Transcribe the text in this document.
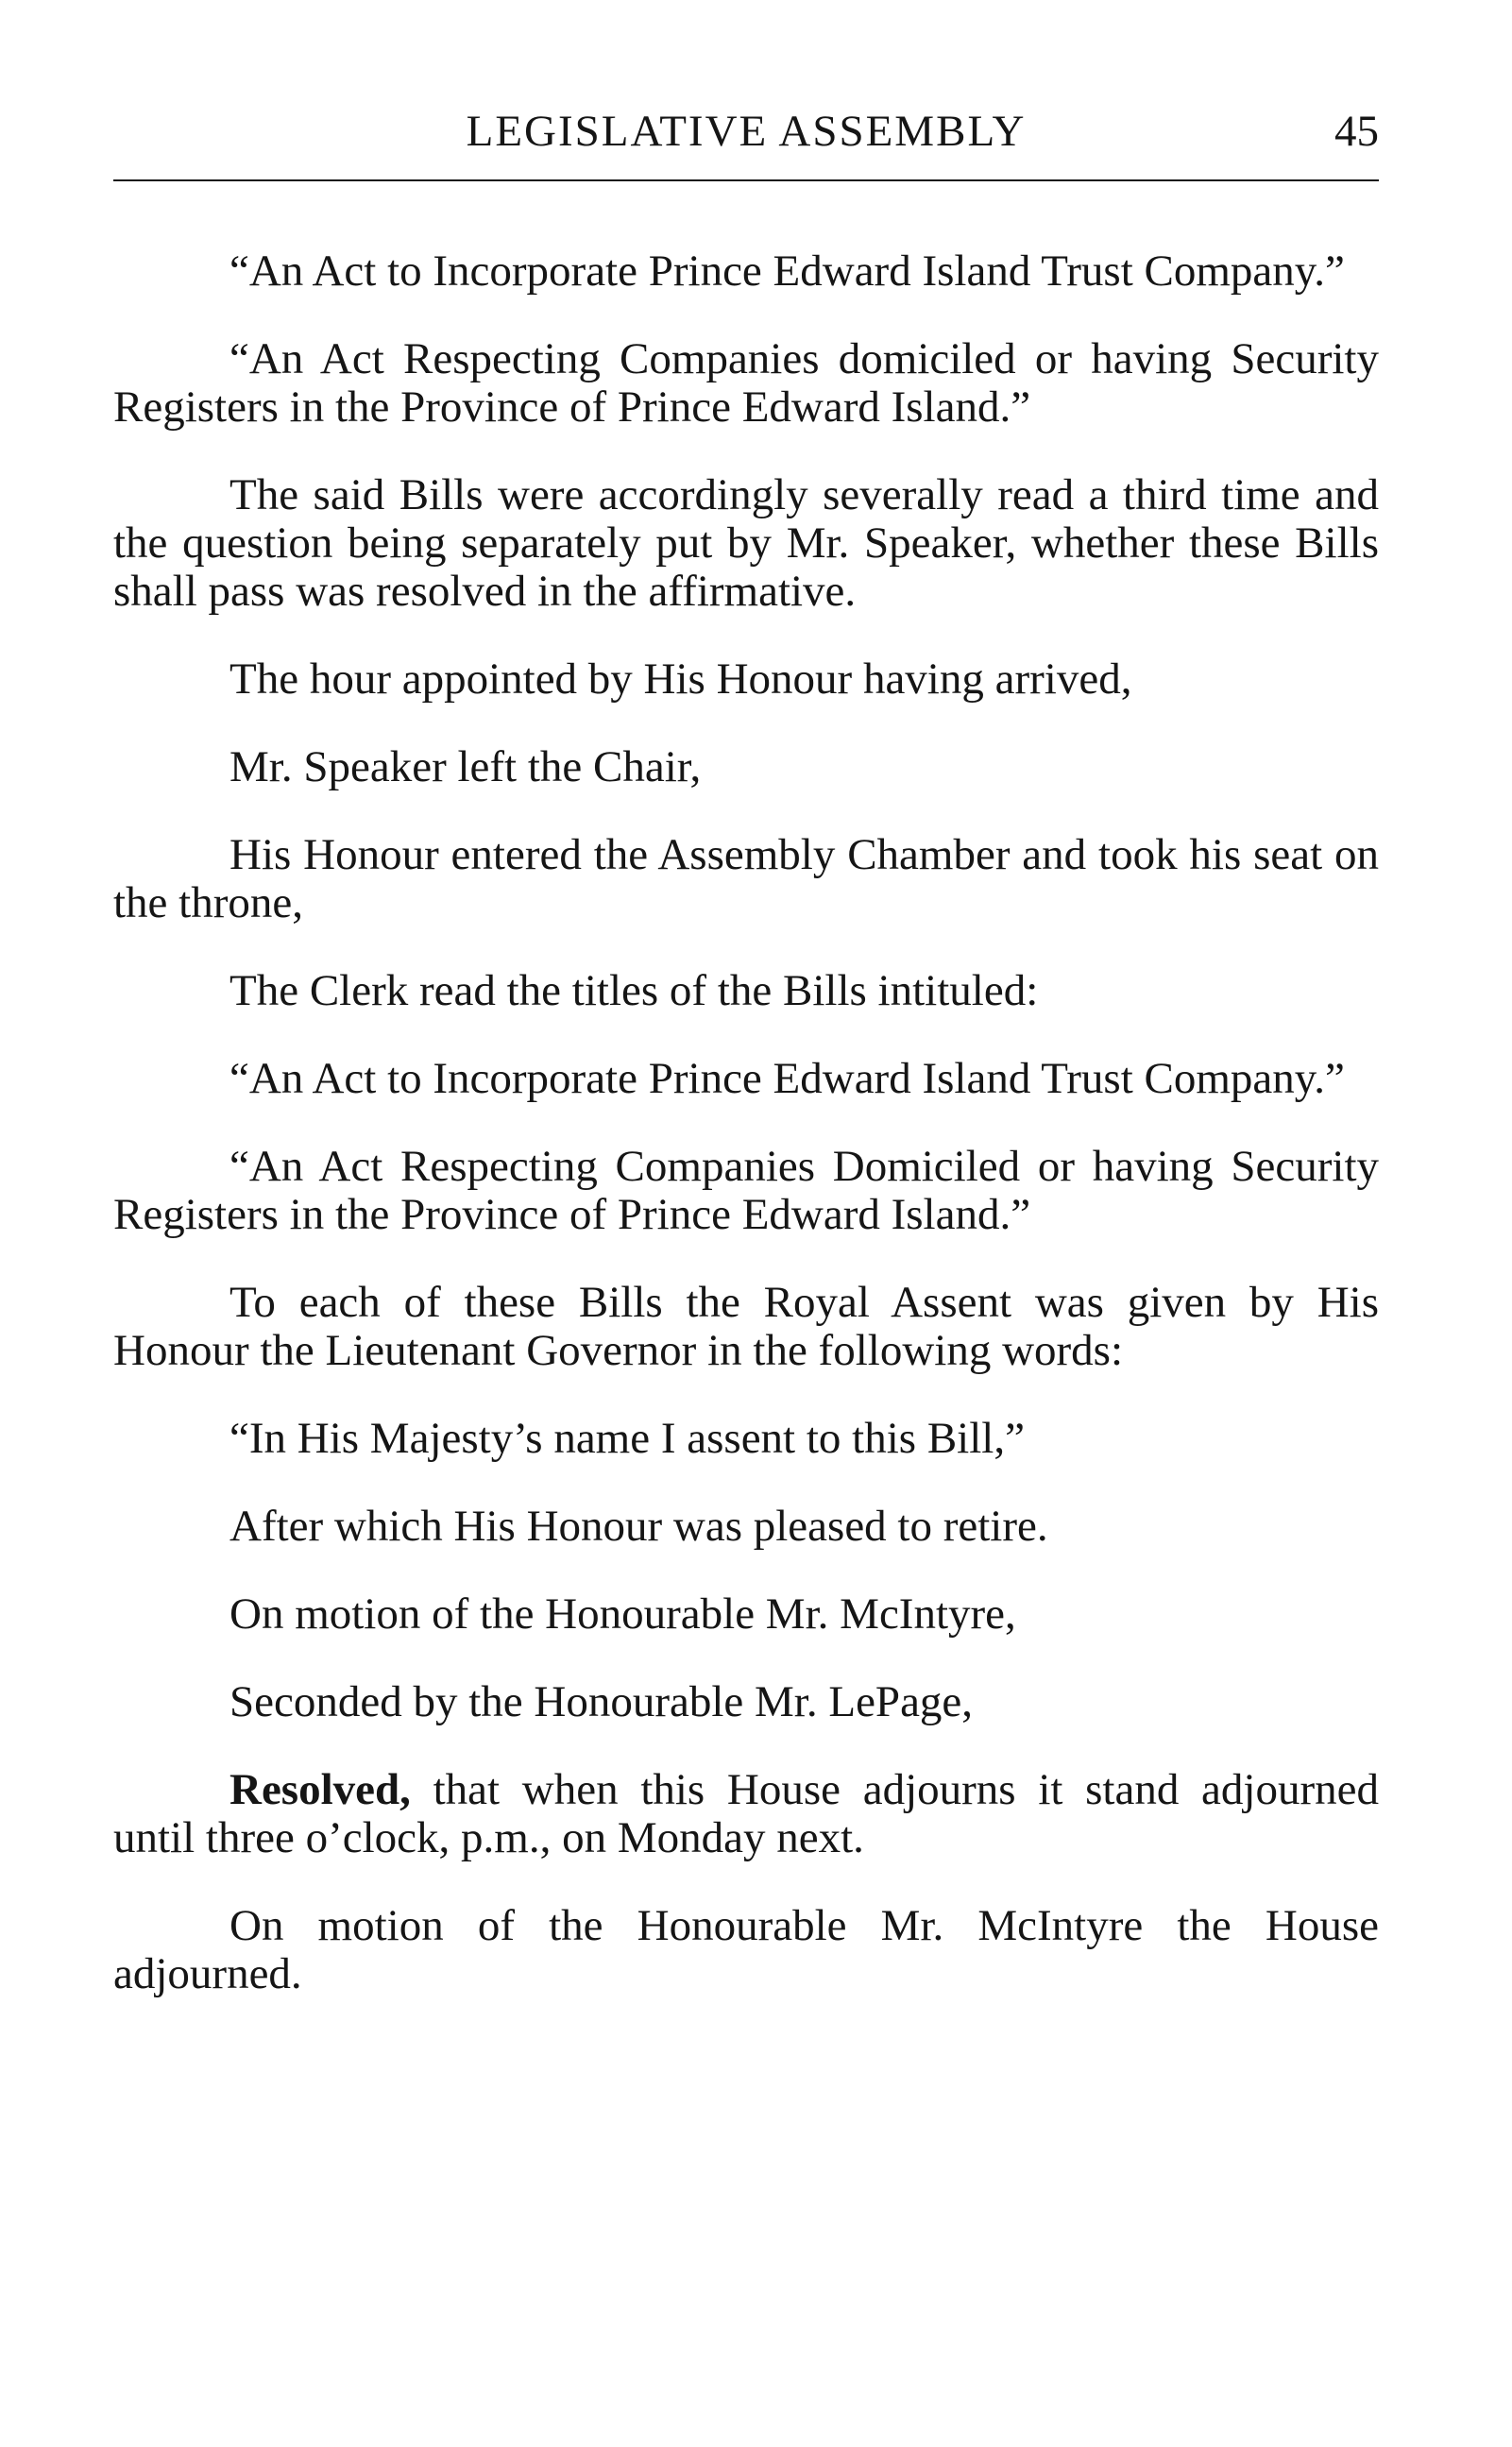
LEGISLATIVE ASSEMBLY	45

“An Act to Incorporate Prince Edward Island Trust Company.”

“An Act Respecting Companies domiciled or having Security Registers in the Province of Prince Edward Island.”

The said Bills were accordingly severally read a third time and the question being separately put by Mr. Speaker, whether these Bills shall pass was resolved in the affirmative.

The hour appointed by His Honour having arrived,

Mr. Speaker left the Chair,

His Honour entered the Assembly Chamber and took his seat on the throne,

The Clerk read the titles of the Bills intituled:

“An Act to Incorporate Prince Edward Island Trust Company.”

“An Act Respecting Companies Domiciled or having Security Registers in the Province of Prince Edward Island.”

To each of these Bills the Royal Assent was given by His Honour the Lieutenant Governor in the following words:

“In His Majesty’s name I assent to this Bill,”

After which His Honour was pleased to retire.

On motion of the Honourable Mr. McIntyre,

Seconded by the Honourable Mr. LePage,

Resolved, that when this House adjourns it stand adjourned until three o’clock, p.m., on Monday next.

On motion of the Honourable Mr. McIntyre the House adjourned.
